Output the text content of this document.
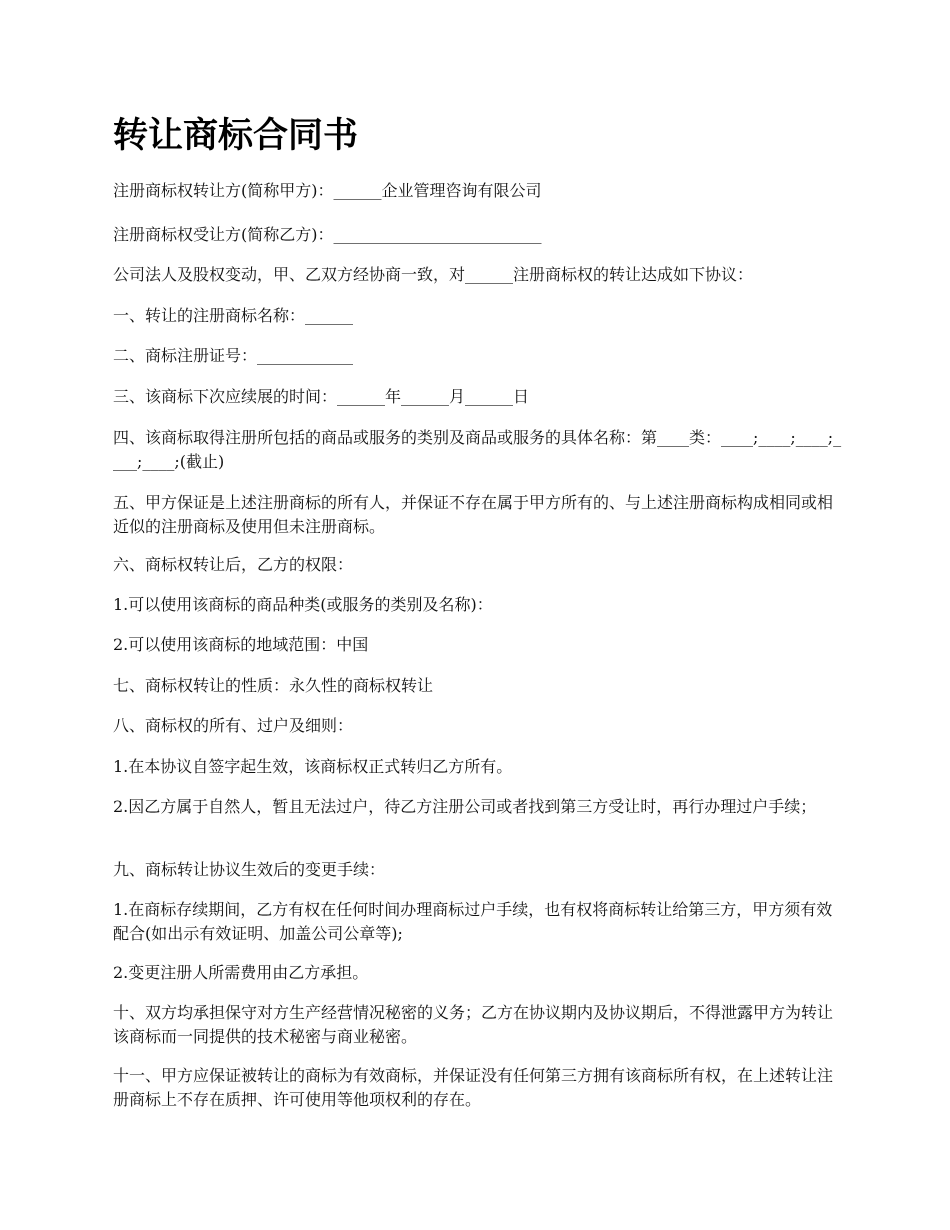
转让商标合同书

注册商标权转让方(简称甲方)：______企业管理咨询有限公司

注册商标权受让方(简称乙方)：__________________________

公司法人及股权变动，甲、乙双方经协商一致，对______注册商标权的转让达成如下协议：

一、转让的注册商标名称：______

二、商标注册证号：____________

三、该商标下次应续展的时间：______年______月______日

四、该商标取得注册所包括的商品或服务的类别及商品或服务的具体名称：第____类：____;____;____;____;____;(截止)

五、甲方保证是上述注册商标的所有人，并保证不存在属于甲方所有的、与上述注册商标构成相同或相近似的注册商标及使用但未注册商标。

六、商标权转让后，乙方的权限：

1.可以使用该商标的商品种类(或服务的类别及名称)：

2.可以使用该商标的地域范围：中国

七、商标权转让的性质：永久性的商标权转让

八、商标权的所有、过户及细则：

1.在本协议自签字起生效，该商标权正式转归乙方所有。

2.因乙方属于自然人，暂且无法过户，待乙方注册公司或者找到第三方受让时，再行办理过户手续；

九、商标转让协议生效后的变更手续：

1.在商标存续期间，乙方有权在任何时间办理商标过户手续，也有权将商标转让给第三方，甲方须有效配合(如出示有效证明、加盖公司公章等);

2.变更注册人所需费用由乙方承担。

十、双方均承担保守对方生产经营情况秘密的义务；乙方在协议期内及协议期后，不得泄露甲方为转让该商标而一同提供的技术秘密与商业秘密。

十一、甲方应保证被转让的商标为有效商标，并保证没有任何第三方拥有该商标所有权，在上述转让注册商标上不存在质押、许可使用等他项权利的存在。
